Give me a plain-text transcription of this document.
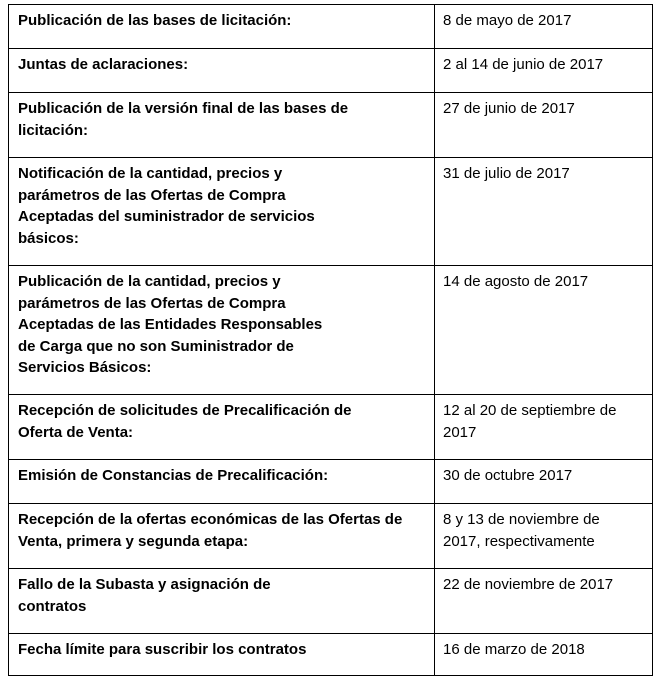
Publicación de las bases de licitación:	8 de mayo de 2017
Juntas de aclaraciones:	2 al 14 de junio de 2017
Publicación de la versión final de las bases de licitación:	27 de junio de 2017
Notificación de la cantidad, precios y parámetros de las Ofertas de Compra Aceptadas del suministrador de servicios básicos:	31 de julio de 2017
Publicación de la cantidad, precios y parámetros de las Ofertas de Compra Aceptadas de las Entidades Responsables de Carga que no son Suministrador de Servicios Básicos:	14 de agosto de 2017
Recepción de solicitudes de Precalificación de Oferta de Venta:	12 al 20 de septiembre de 2017
Emisión de Constancias de Precalificación:	30 de octubre 2017
Recepción de la ofertas económicas de las Ofertas de Venta, primera y segunda etapa:	8 y 13 de noviembre de 2017, respectivamente
Fallo de la Subasta y asignación de contratos	22 de noviembre de 2017
Fecha límite para suscribir los contratos	16 de marzo de 2018
